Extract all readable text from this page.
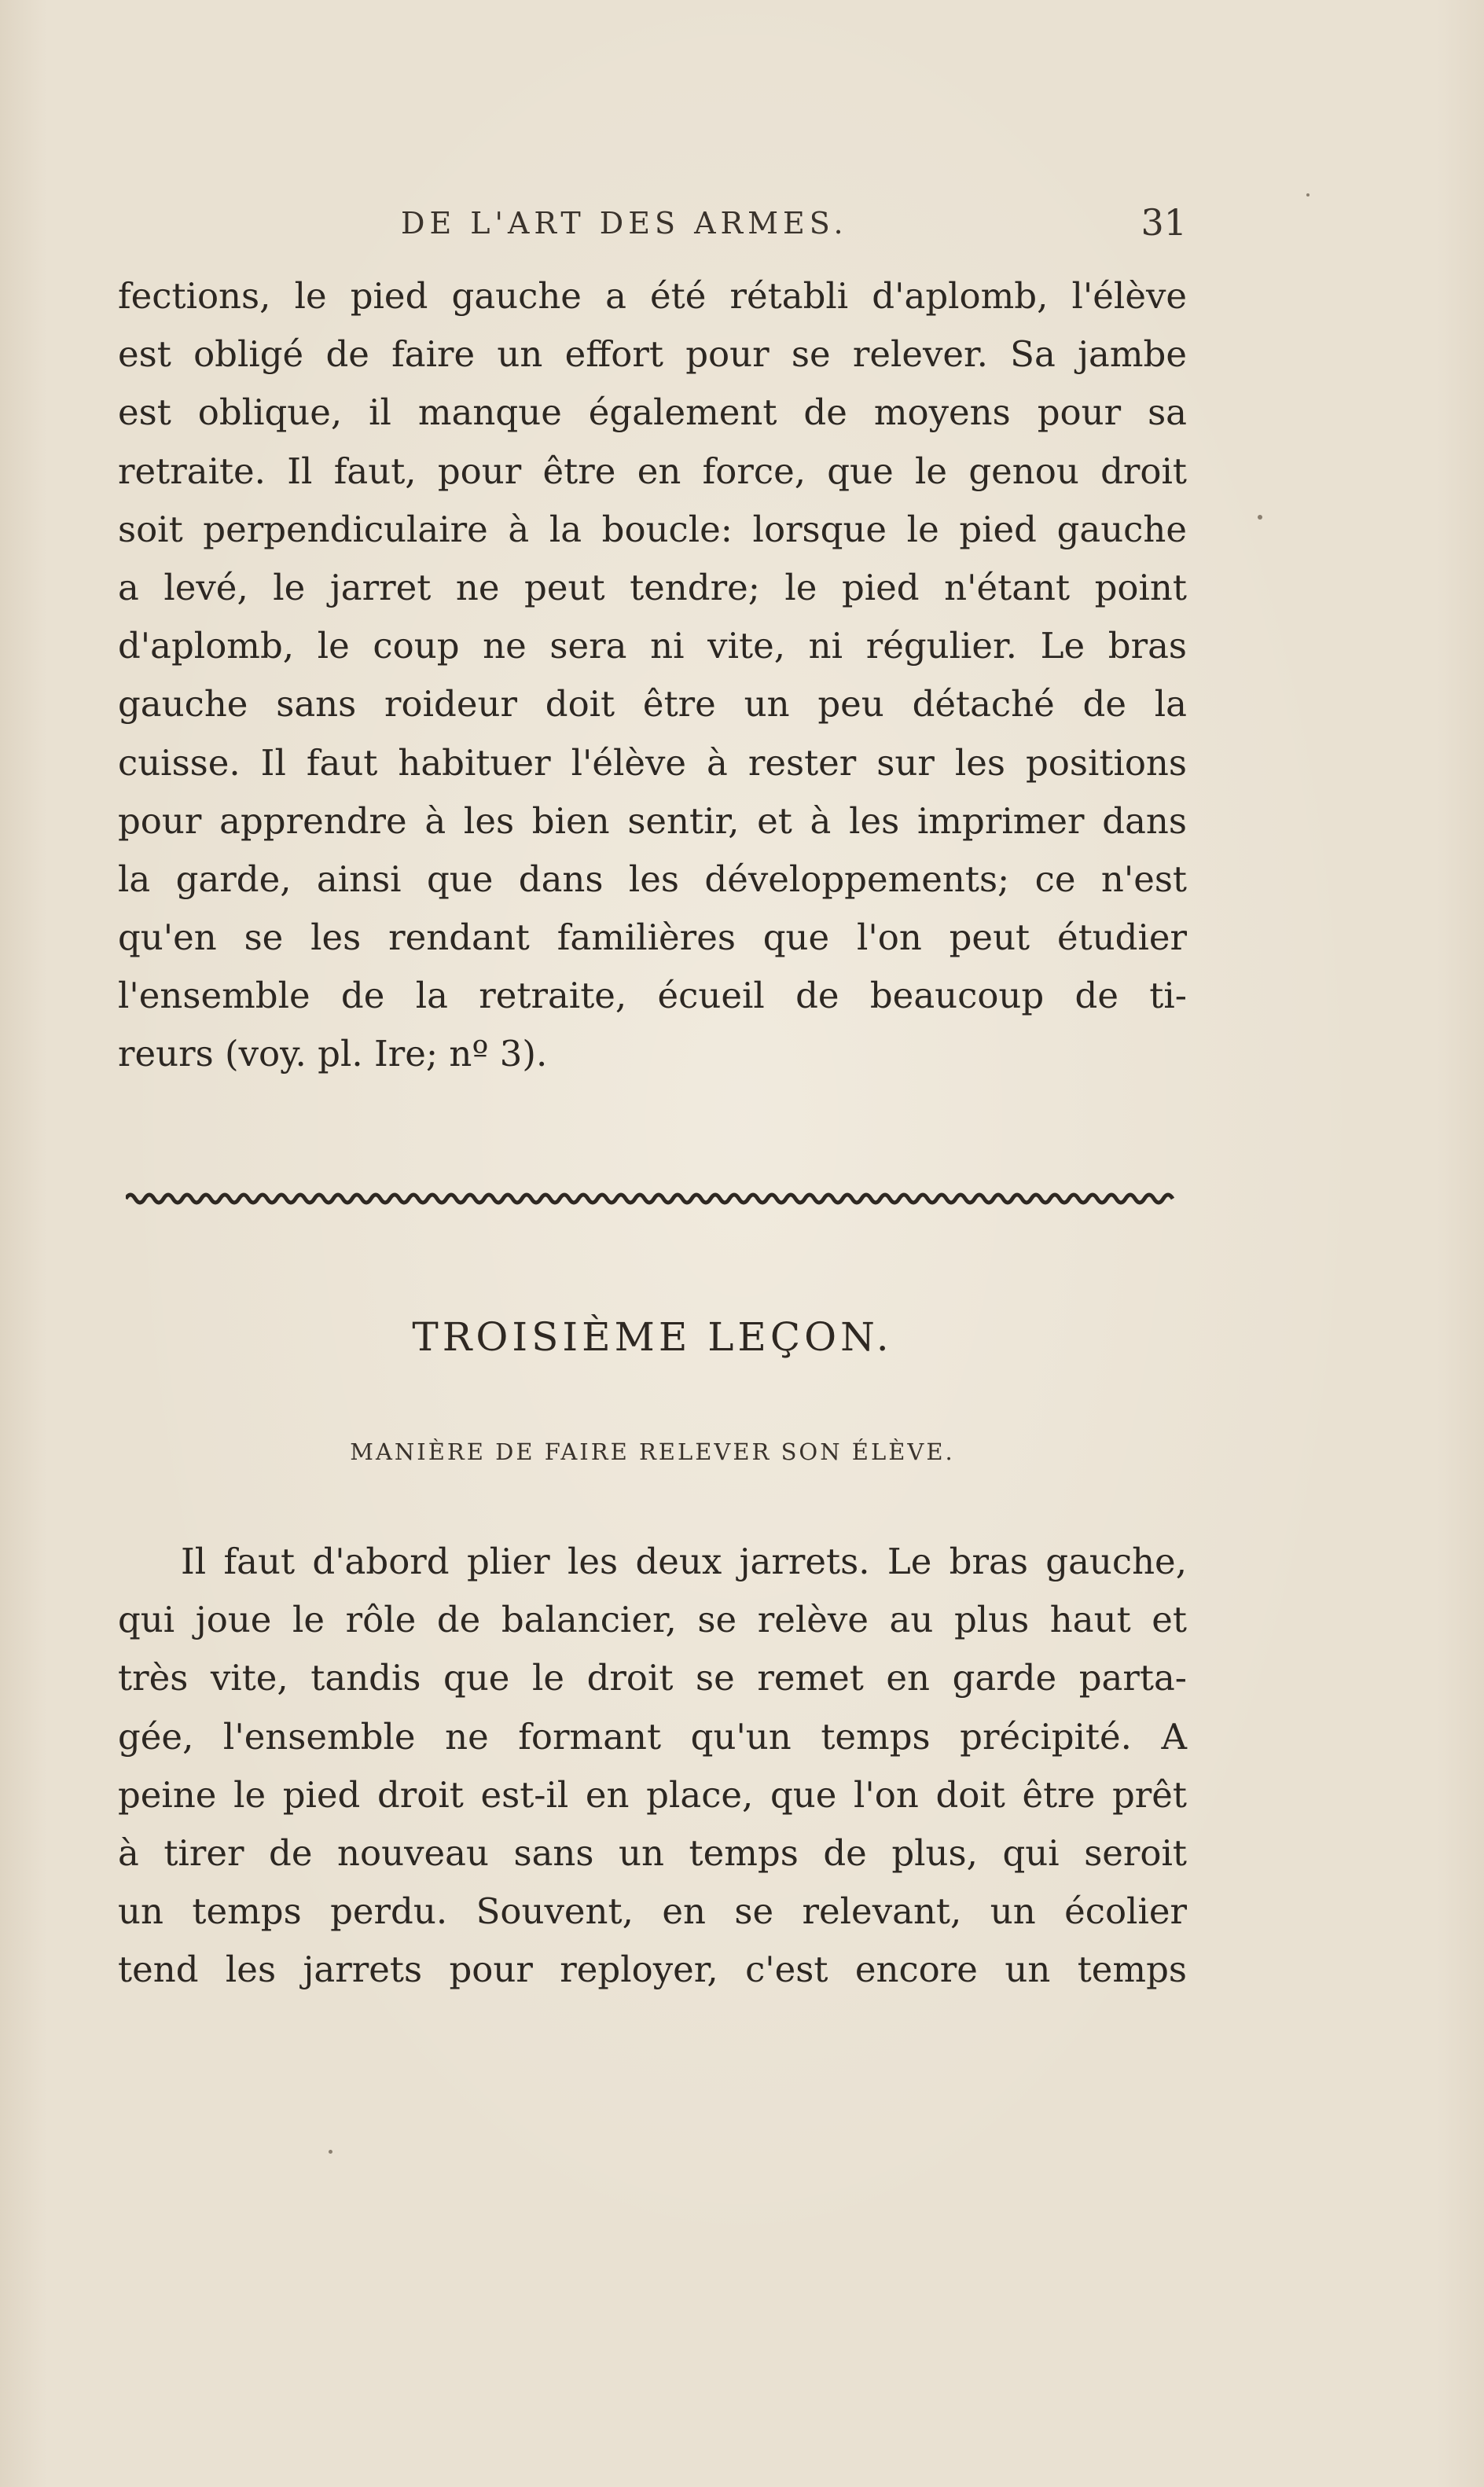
DE L'ART DES ARMES.	31
fections, le pied gauche a été rétabli d'aplomb, l'élève
est obligé de faire un effort pour se relever. Sa jambe
est oblique, il manque également de moyens pour sa
retraite. Il faut, pour être en force, que le genou droit
soit perpendiculaire à la boucle: lorsque le pied gauche
a levé, le jarret ne peut tendre; le pied n'étant point
d'aplomb, le coup ne sera ni vite, ni régulier. Le bras
gauche sans roideur doit être un peu détaché de la
cuisse. Il faut habituer l'élève à rester sur les positions
pour apprendre à les bien sentir, et à les imprimer dans
la garde, ainsi que dans les développements; ce n'est
qu'en se les rendant familières que l'on peut étudier
l'ensemble de la retraite, écueil de beaucoup de ti-
reurs (voy. pl. Ire; nº 3).
TROISIÈME LEÇON.
MANIÈRE DE FAIRE RELEVER SON ÉLÈVE.
Il faut d'abord plier les deux jarrets. Le bras gauche,
qui joue le rôle de balancier, se relève au plus haut et
très vite, tandis que le droit se remet en garde parta-
gée, l'ensemble ne formant qu'un temps précipité. A
peine le pied droit est-il en place, que l'on doit être prêt
à tirer de nouveau sans un temps de plus, qui seroit
un temps perdu. Souvent, en se relevant, un écolier
tend les jarrets pour reployer, c'est encore un temps
